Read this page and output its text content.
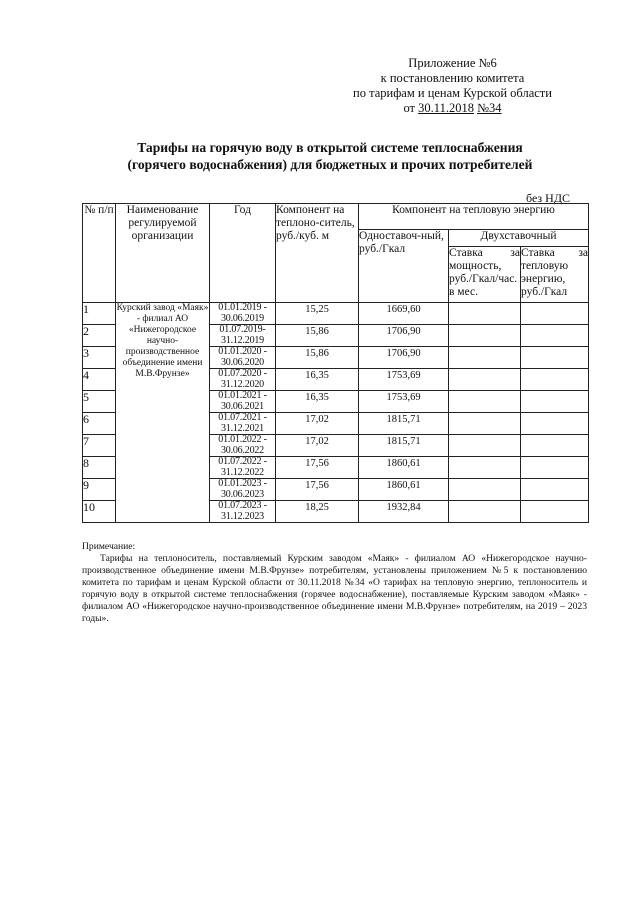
Приложение №6
к постановлению комитета
по тарифам и ценам Курской области
от 30.11.2018 №34
Тарифы на горячую воду в открытой системе теплоснабжения
(горячего водоснабжения) для бюджетных и прочих потребителей
без НДС
№ п/п	Наименование регулируемой организации	Год	Компонент на теплоно-ситель, руб./куб. м	Компонент на тепловую энергию		
				Одноставоч-ный, руб./Гкал	Двухставочный	
					Ставка за мощность, руб./Гкал/час. в мес.	Ставка за тепловую энергию, руб./Гкал
1	Курский завод «Маяк» - филиал АО «Нижегородское научно-производственное объединение имени М.В.Фрунзе»	01.01.2019 -
30.06.2019	15,25	1669,60		
2		01.07.2019-
31.12.2019	15,86	1706,90		
3		01.01.2020 -
30.06.2020	15,86	1706,90		
4		01.07.2020 -
31.12.2020	16,35	1753,69		
5		01.01.2021 -
30.06.2021	16,35	1753,69		
6		01.07.2021 -
31.12.2021	17,02	1815,71		
7		01.01.2022 -
30.06.2022	17,02	1815,71		
8		01.07.2022 -
31.12.2022	17,56	1860,61		
9		01.01.2023 -
30.06.2023	17,56	1860,61		
10		01.07.2023 -
31.12.2023	18,25	1932,84		
Примечание:
Тарифы на теплоноситель, поставляемый Курским заводом «Маяк» - филиалом АО «Нижегородское научно-производственное объединение имени М.В.Фрунзе» потребителям, установлены приложением №5 к постановлению комитета по тарифам и ценам Курской области от 30.11.2018 №34 «О тарифах на тепловую энергию, теплоноситель и горячую воду в открытой системе теплоснабжения (горячее водоснабжение), поставляемые Курским заводом «Маяк» - филиалом АО «Нижегородское научно-производственное объединение имени М.В.Фрунзе» потребителям, на 2019 – 2023 годы».
